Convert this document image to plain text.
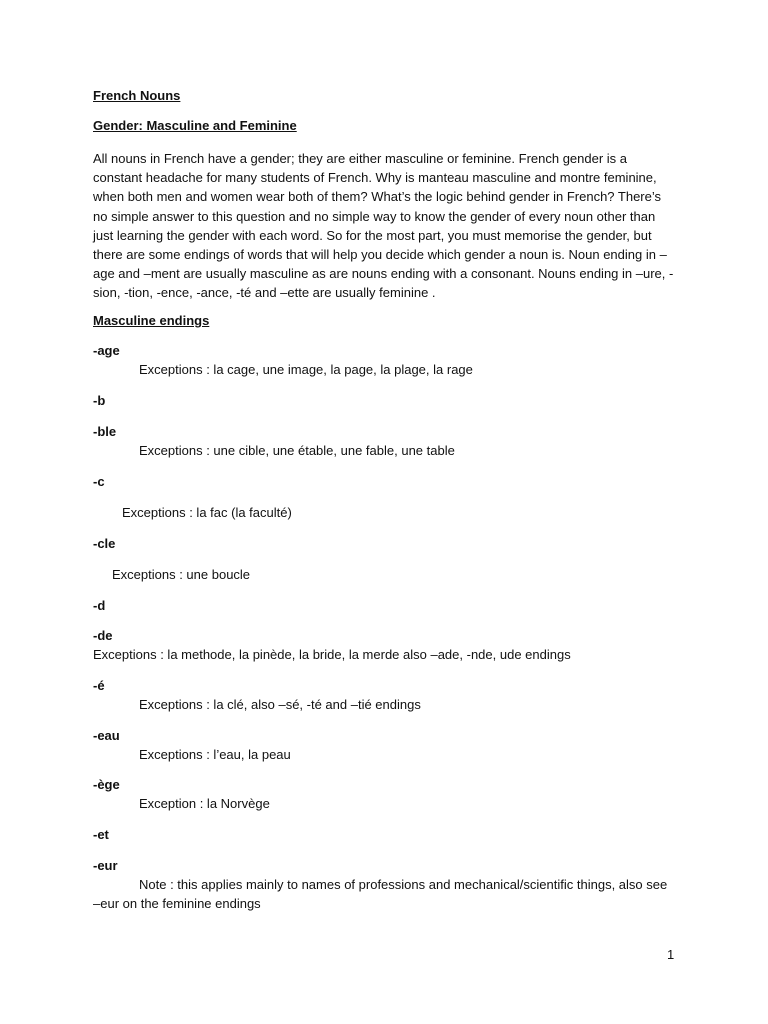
French Nouns
Gender: Masculine and Feminine
All nouns in French have a gender; they are either masculine or feminine. French gender is a
constant headache for many students of French. Why is manteau masculine and montre feminine,
when both men and women wear both of them? What’s the logic behind gender in French? There’s
no simple answer to this question and no simple way to know the gender of every noun other than
just learning the gender with each word. So for the most part, you must memorise the gender, but
there are some endings of words that will help you decide which gender a noun is. Noun ending in –
age and –ment are usually masculine as are nouns ending with a consonant. Nouns ending in –ure, -
sion, -tion, -ence, -ance, -té and –ette are usually feminine .
Masculine endings
-age
Exceptions : la cage, une image, la page, la plage, la rage
-b
-ble
Exceptions : une cible, une étable, une fable, une table
-c
Exceptions : la fac (la faculté)
-cle
Exceptions : une boucle
-d
-de
Exceptions : la methode, la pinède, la bride, la merde also –ade, -nde, ude endings
-é
Exceptions : la clé, also –sé, -té and –tié endings
-eau
Exceptions : l’eau, la peau
-ège
Exception : la Norvège
-et
-eur
Note : this applies mainly to names of professions and mechanical/scientific things, also see
–eur on the feminine endings
1
